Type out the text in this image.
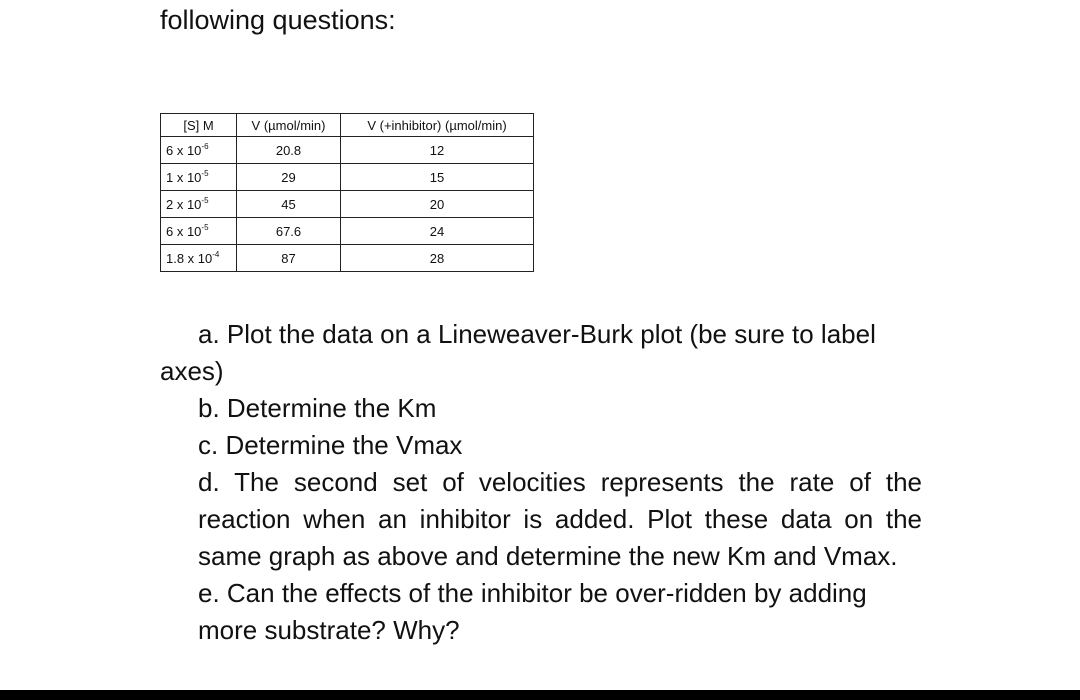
following questions:

[S] M	V (µmol/min)	V (+inhibitor) (µmol/min)
6 x $10^{-6}$	20.8	12
1 x $10^{-5}$	29	15
2 x $10^{-5}$	45	20
6 x $10^{-5}$	67.6	24
1.8 x $10^{-4}$	87	28

a. Plot the data on a Lineweaver-Burk plot (be sure to label axes)

b. Determine the Km

c. Determine the Vmax

d. The second set of velocities represents the rate of the reaction when an inhibitor is added. Plot these data on the same graph as above and determine the new Km and Vmax.

e. Can the effects of the inhibitor be over-ridden by adding more substrate? Why?
